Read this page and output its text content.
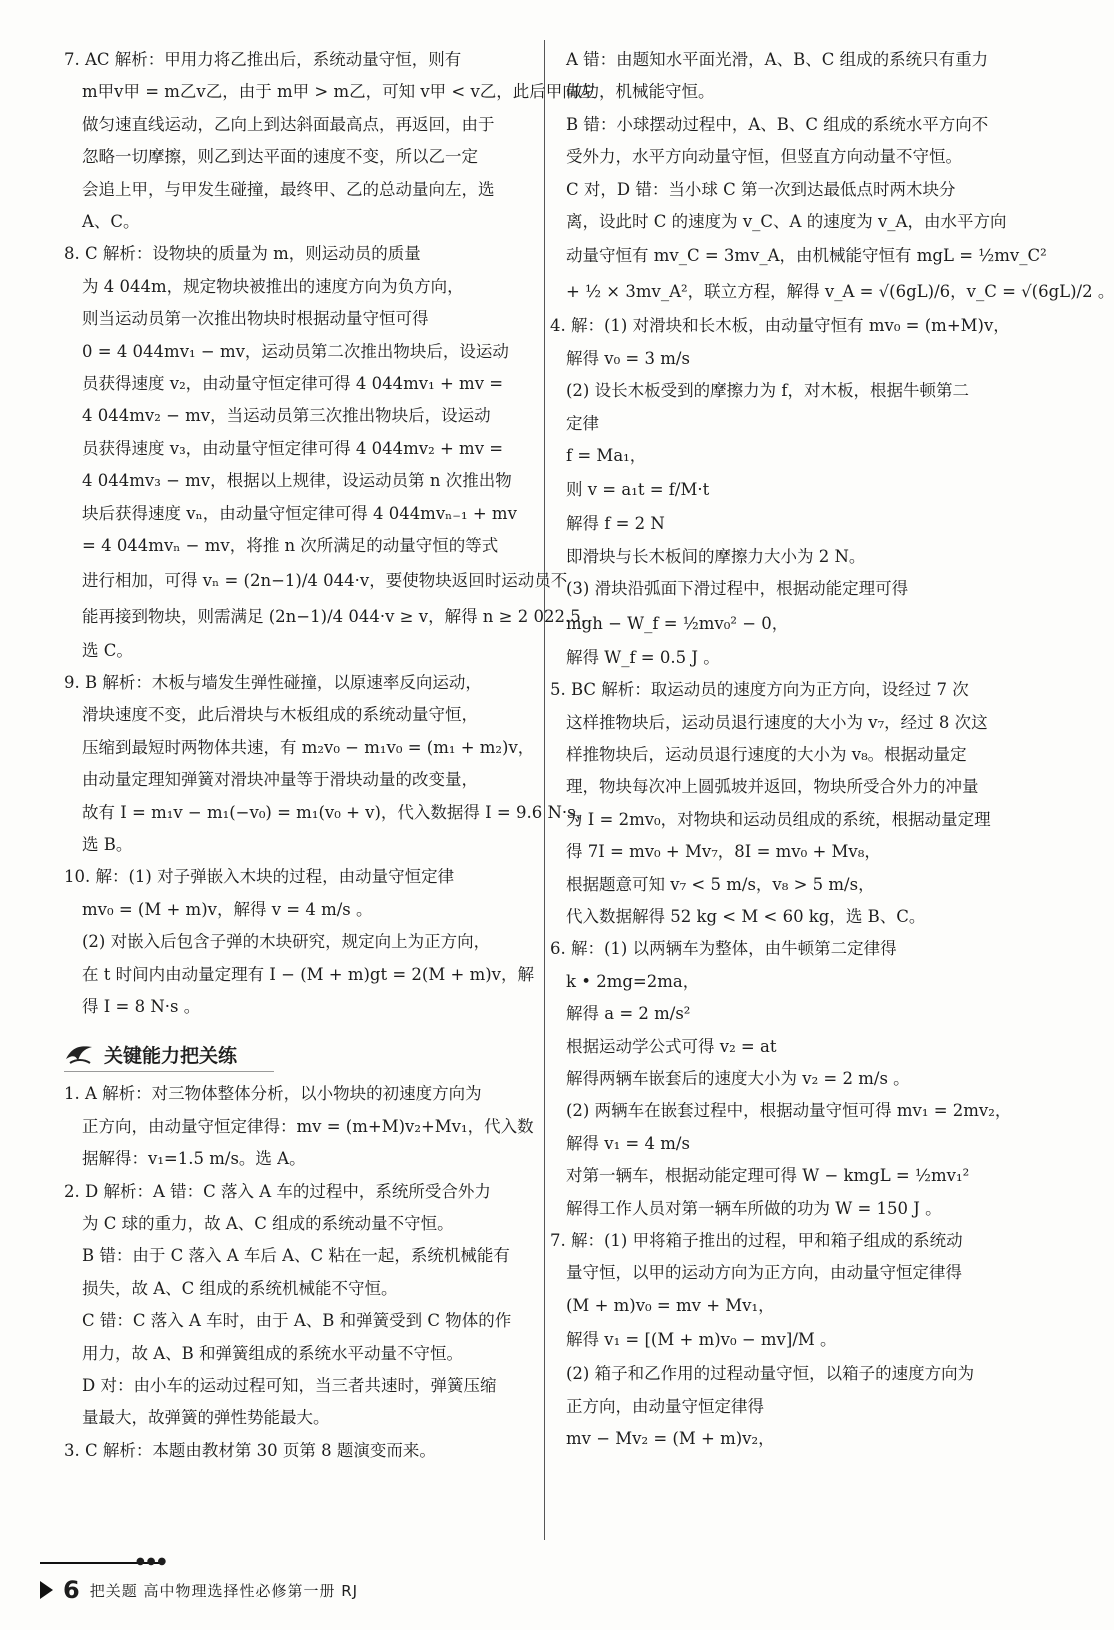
7. AC 解析：甲用力将乙推出后，系统动量守恒，则有
m甲v甲 = m乙v乙，由于 m甲 > m乙，可知 v甲 < v乙，此后甲向左
做匀速直线运动，乙向上到达斜面最高点，再返回，由于
忽略一切摩擦，则乙到达平面的速度不变，所以乙一定
会追上甲，与甲发生碰撞，最终甲、乙的总动量向左，选
A、C。
8. C 解析：设物块的质量为 m，则运动员的质量
为 4 044m，规定物块被推出的速度方向为负方向，
则当运动员第一次推出物块时根据动量守恒可得
0 = 4 044mv₁ − mv，运动员第二次推出物块后，设运动
员获得速度 v₂，由动量守恒定律可得 4 044mv₁ + mv =
4 044mv₂ − mv，当运动员第三次推出物块后，设运动
员获得速度 v₃，由动量守恒定律可得 4 044mv₂ + mv =
4 044mv₃ − mv，根据以上规律，设运动员第 n 次推出物
块后获得速度 vₙ，由动量守恒定律可得 4 044mvₙ₋₁ + mv
= 4 044mvₙ − mv，将推 n 次所满足的动量守恒的等式
进行相加，可得 vₙ = (2n−1)/4 044·v，要使物块返回时运动员不
能再接到物块，则需满足 (2n−1)/4 044·v ≥ v，解得 n ≥ 2 022.5，
选 C。
9. B 解析：木板与墙发生弹性碰撞，以原速率反向运动，
滑块速度不变，此后滑块与木板组成的系统动量守恒，
压缩到最短时两物体共速，有 m₂v₀ − m₁v₀ = (m₁ + m₂)v，
由动量定理知弹簧对滑块冲量等于滑块动量的改变量，
故有 I = m₁v − m₁(−v₀) = m₁(v₀ + v)，代入数据得 I = 9.6 N·s，
选 B。
10. 解：(1) 对子弹嵌入木块的过程，由动量守恒定律
mv₀ = (M + m)v，解得 v = 4 m/s 。
(2) 对嵌入后包含子弹的木块研究，规定向上为正方向，
在 t 时间内由动量定理有 I − (M + m)gt = 2(M + m)v，解
得 I = 8 N·s 。
关键能力把关练
1. A 解析：对三物体整体分析，以小物块的初速度方向为
正方向，由动量守恒定律得：mv = (m+M)v₂+Mv₁，代入数
据解得：v₁=1.5 m/s。选 A。
2. D 解析：A 错：C 落入 A 车的过程中，系统所受合外力
为 C 球的重力，故 A、C 组成的系统动量不守恒。
B 错：由于 C 落入 A 车后 A、C 粘在一起，系统机械能有
损失，故 A、C 组成的系统机械能不守恒。
C 错：C 落入 A 车时，由于 A、B 和弹簧受到 C 物体的作
用力，故 A、B 和弹簧组成的系统水平动量不守恒。
D 对：由小车的运动过程可知，当三者共速时，弹簧压缩
量最大，故弹簧的弹性势能最大。
3. C 解析：本题由教材第 30 页第 8 题演变而来。
A 错：由题知水平面光滑，A、B、C 组成的系统只有重力
做功，机械能守恒。
B 错：小球摆动过程中，A、B、C 组成的系统水平方向不
受外力，水平方向动量守恒，但竖直方向动量不守恒。
C 对，D 错：当小球 C 第一次到达最低点时两木块分
离，设此时 C 的速度为 v_C、A 的速度为 v_A，由水平方向
动量守恒有 mv_C = 3mv_A，由机械能守恒有 mgL = ½mv_C²
+ ½ × 3mv_A²，联立方程，解得 v_A = √(6gL)/6，v_C = √(6gL)/2 。
4. 解：(1) 对滑块和长木板，由动量守恒有 mv₀ = (m+M)v，
解得 v₀ = 3 m/s
(2) 设长木板受到的摩擦力为 f，对木板，根据牛顿第二
定律
f = Ma₁，
则 v = a₁t = f/M·t
解得 f = 2 N
即滑块与长木板间的摩擦力大小为 2 N。
(3) 滑块沿弧面下滑过程中，根据动能定理可得
mgh − W_f = ½mv₀² − 0，
解得 W_f = 0.5 J 。
5. BC 解析：取运动员的速度方向为正方向，设经过 7 次
这样推物块后，运动员退行速度的大小为 v₇，经过 8 次这
样推物块后，运动员退行速度的大小为 v₈。根据动量定
理，物块每次冲上圆弧坡并返回，物块所受合外力的冲量
为 I = 2mv₀，对物块和运动员组成的系统，根据动量定理
得 7I = mv₀ + Mv₇，8I = mv₀ + Mv₈，
根据题意可知 v₇ < 5 m/s，v₈ > 5 m/s，
代入数据解得 52 kg < M < 60 kg，选 B、C。
6. 解：(1) 以两辆车为整体，由牛顿第二定律得
k • 2mg=2ma，
解得 a = 2 m/s²
根据运动学公式可得 v₂ = at
解得两辆车嵌套后的速度大小为 v₂ = 2 m/s 。
(2) 两辆车在嵌套过程中，根据动量守恒可得 mv₁ = 2mv₂，
解得 v₁ = 4 m/s
对第一辆车，根据动能定理可得 W − kmgL = ½mv₁²
解得工作人员对第一辆车所做的功为 W = 150 J 。
7. 解：(1) 甲将箱子推出的过程，甲和箱子组成的系统动
量守恒，以甲的运动方向为正方向，由动量守恒定律得
(M + m)v₀ = mv + Mv₁，
解得 v₁ = [(M + m)v₀ − mv]/M 。
(2) 箱子和乙作用的过程动量守恒，以箱子的速度方向为
正方向，由动量守恒定律得
mv − Mv₂ = (M + m)v₂，
●●●
6 把关题 高中物理选择性必修第一册 RJ
